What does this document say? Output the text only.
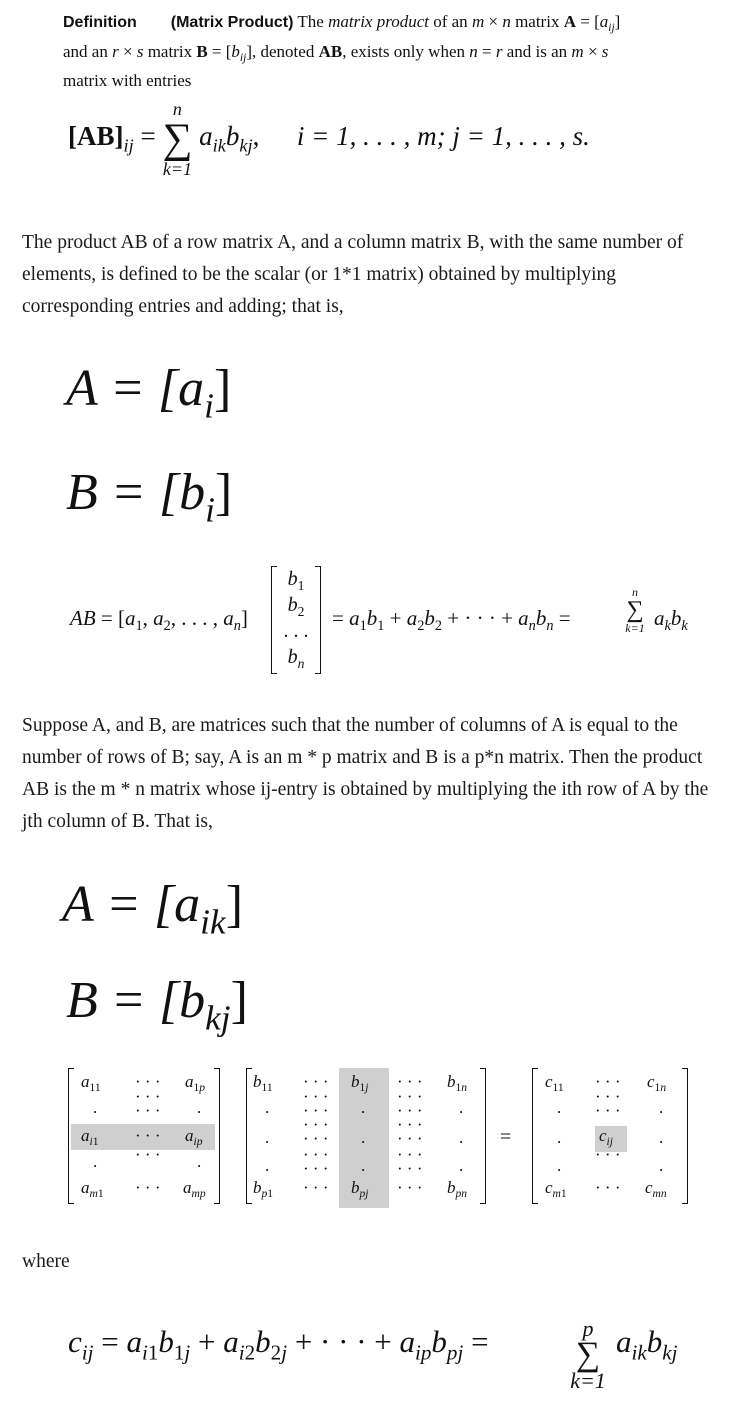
Definition (Matrix Product) The matrix product of an m × n matrix $A = [a_{ij}]$
and an r × s matrix $B = [b_{ij}]$, denoted AB, exists only when n = r and is an m × s
matrix with entries
$[AB]_{ij}$ =
n
∑
k=1
$a_{ik}b_{kj}$,  i = 1, . . . , m; j = 1, . . . , s.
The product AB of a row matrix A, and a column matrix B, with the same number of elements, is defined to be the scalar (or 1*1 matrix) obtained by multiplying corresponding entries and adding; that is,
$A = [a_i]$
$B = [b_i]$
AB = [$a_1$, $a_2$, . . . , $a_n$]
$b_1$
$b_2$
. . .
$b_n$
= $a_1b_1 + a_2b_2$ + · · · + $a_nb_n$ =
n
∑
k=1 $a_kb_k$
Suppose A, and B, are matrices such that the number of columns of A is equal to the number of rows of B; say, A is an m * p matrix and B is a p*n matrix. Then the product AB is the m * n matrix whose ij-entry is obtained by multiplying the ith row of A by the jth column of B. That is,
$A = [a_{ik}]$
$B = [b_{kj}]$
$a_{11}$ · · · $a_{1p}$
.
· · ·
· · · .
$a_{i1}$ · · · $a_{ip}$
. · · · .
$a_{m1}$ · · · $a_{mp}$
$b_{11}$ · · · $b_{1j}$ · · · $b_{1n}$
.
· · ·
· · · .
· · ·
· · · .
.
· · ·
· · · .
· · ·
· · · .
.
· · ·
· · · .
· · ·
· · · .
$b_{p1}$ · · · $b_{pj}$ · · · $b_{pn}$
=
$c_{11}$ · · · $c_{1n}$
.
· · ·
· · · .
. $c_{ij}$	.
.
· · ·
.
$c_{m1}$ · · · $c_{mn}$
where
$c_{ij} = a_{i1}b_{1j} + a_{i2}b_{2j}$ + · · · + $a_{ip}b_{pj}$ =	p
∑
k=1
$a_{ik}b_{kj}$
